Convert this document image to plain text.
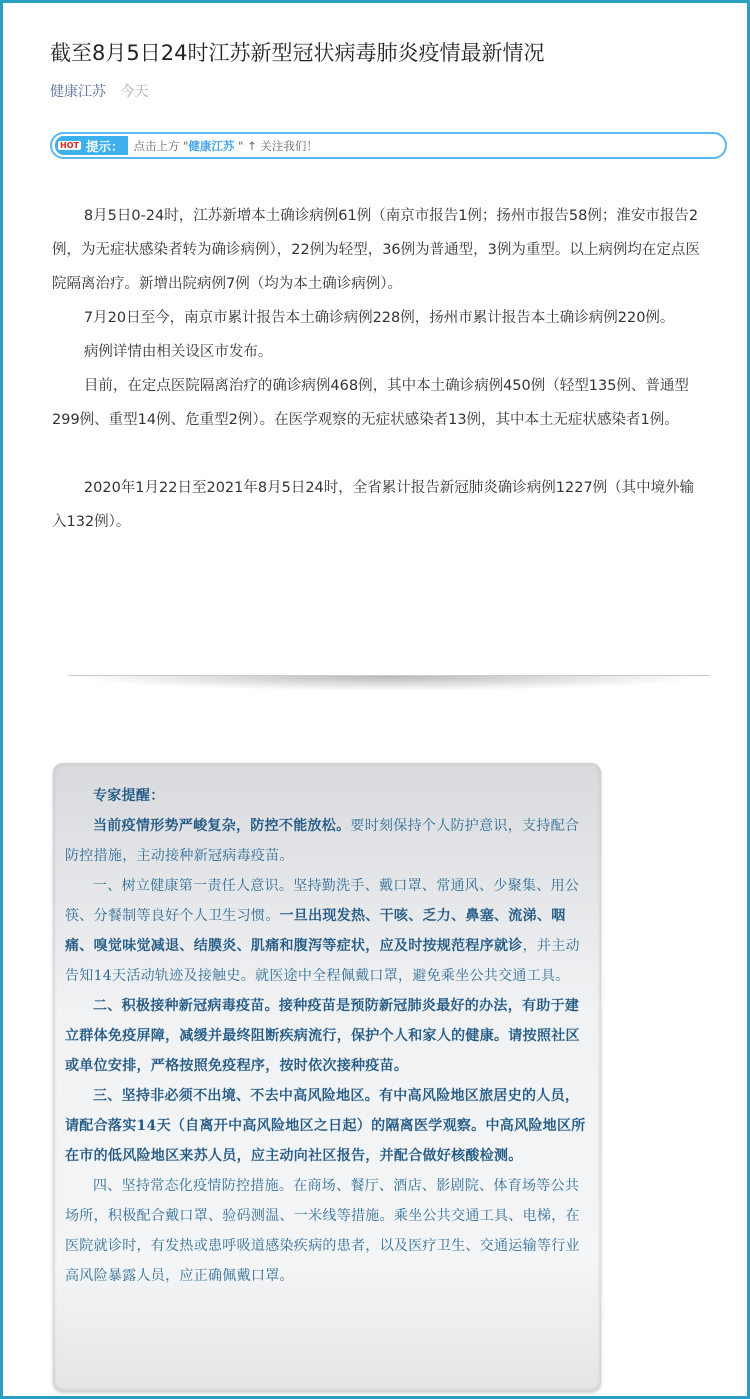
截至8月5日24时江苏新型冠状病毒肺炎疫情最新情况
健康江苏 今天
HOT 提示： 点击上方 "健康江苏 " ↑ 关注我们！

8月5日0-24时，江苏新增本土确诊病例61例（南京市报告1例；扬州市报告58例；淮安市报告2例，为无症状感染者转为确诊病例），22例为轻型，36例为普通型，3例为重型。以上病例均在定点医院隔离治疗。新增出院病例7例（均为本土确诊病例）。

7月20日至今，南京市累计报告本土确诊病例228例，扬州市累计报告本土确诊病例220例。

病例详情由相关设区市发布。

目前，在定点医院隔离治疗的确诊病例468例，其中本土确诊病例450例（轻型135例、普通型299例、重型14例、危重型2例）。在医学观察的无症状感染者13例，其中本土无症状感染者1例。

2020年1月22日至2021年8月5日24时，全省累计报告新冠肺炎确诊病例1227例（其中境外输入132例）。

专家提醒：

当前疫情形势严峻复杂，防控不能放松。要时刻保持个人防护意识，支持配合防控措施，主动接种新冠病毒疫苗。

一、树立健康第一责任人意识。坚持勤洗手、戴口罩、常通风、少聚集、用公筷、分餐制等良好个人卫生习惯。一旦出现发热、干咳、乏力、鼻塞、流涕、咽痛、嗅觉味觉减退、结膜炎、肌痛和腹泻等症状，应及时按规范程序就诊，并主动告知14天活动轨迹及接触史。就医途中全程佩戴口罩，避免乘坐公共交通工具。

二、积极接种新冠病毒疫苗。接种疫苗是预防新冠肺炎最好的办法，有助于建立群体免疫屏障，减缓并最终阻断疾病流行，保护个人和家人的健康。请按照社区或单位安排，严格按照免疫程序，按时依次接种疫苗。

三、坚持非必须不出境、不去中高风险地区。有中高风险地区旅居史的人员，请配合落实14天（自离开中高风险地区之日起）的隔离医学观察。中高风险地区所在市的低风险地区来苏人员，应主动向社区报告，并配合做好核酸检测。

四、坚持常态化疫情防控措施。在商场、餐厅、酒店、影剧院、体育场等公共场所，积极配合戴口罩、验码测温、一米线等措施。乘坐公共交通工具、电梯，在医院就诊时，有发热或患呼吸道感染疾病的患者，以及医疗卫生、交通运输等行业高风险暴露人员，应正确佩戴口罩。
